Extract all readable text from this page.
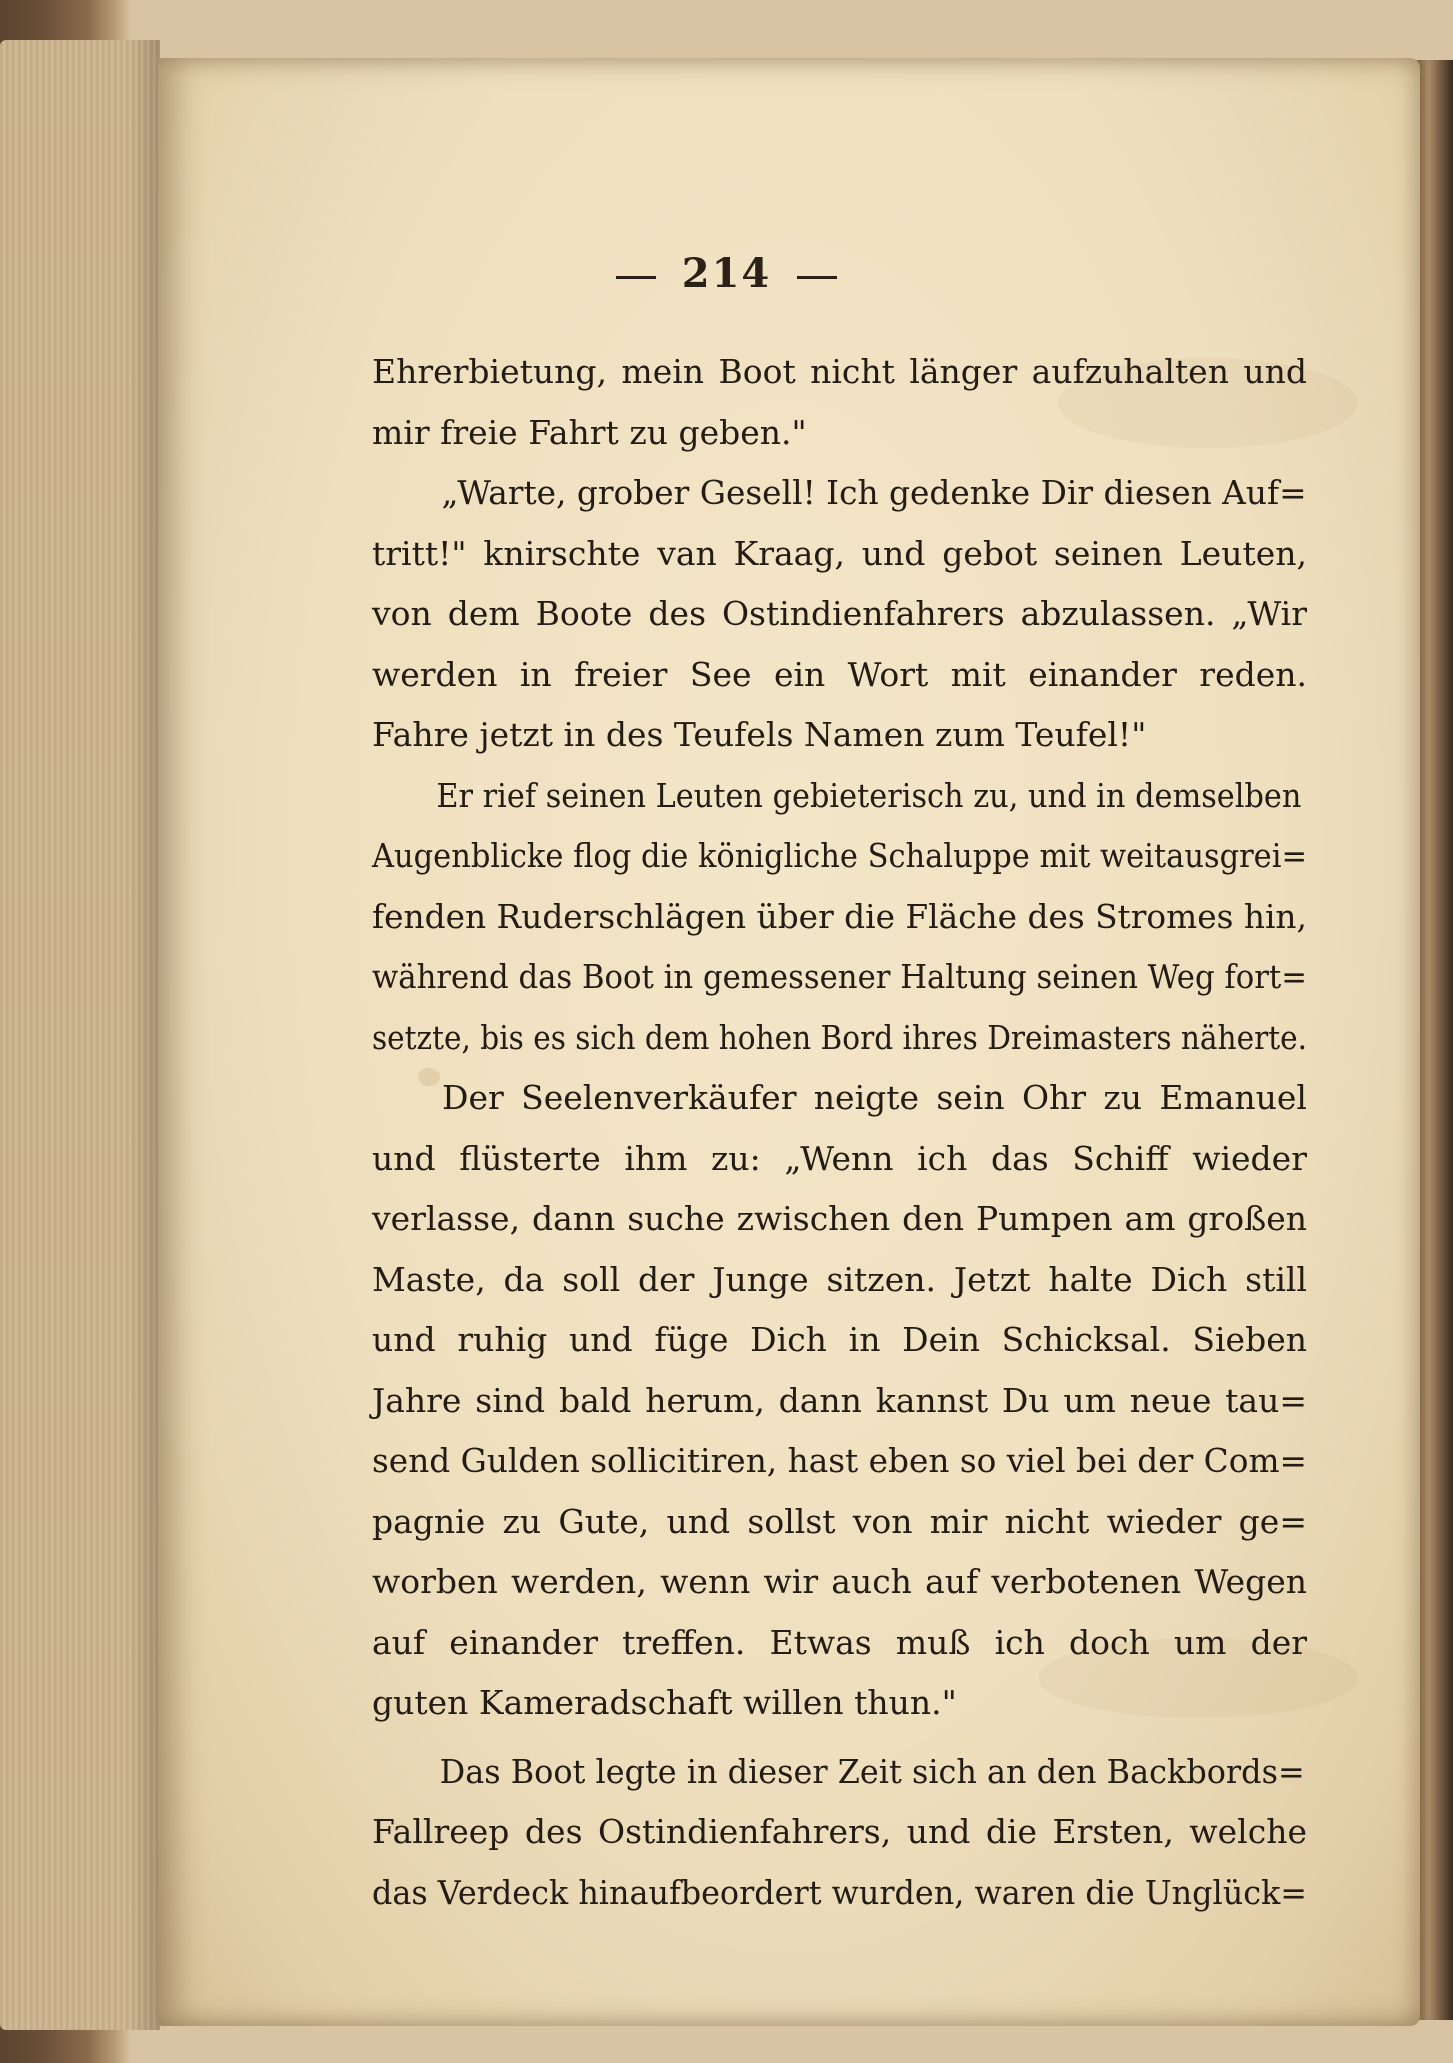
214
Ehrerbietung, mein Boot nicht länger aufzuhalten und
mir freie Fahrt zu geben."
„Warte, grober Gesell! Ich gedenke Dir diesen Auf=
tritt!" knirschte van Kraag, und gebot seinen Leuten,
von dem Boote des Ostindienfahrers abzulassen. „Wir
werden in freier See ein Wort mit einander reden.
Fahre jetzt in des Teufels Namen zum Teufel!"
Er rief seinen Leuten gebieterisch zu, und in demselben
Augenblicke flog die königliche Schaluppe mit weitausgrei=
fenden Ruderschlägen über die Fläche des Stromes hin,
während das Boot in gemessener Haltung seinen Weg fort=
setzte, bis es sich dem hohen Bord ihres Dreimasters näherte.
Der Seelenverkäufer neigte sein Ohr zu Emanuel
und flüsterte ihm zu: „Wenn ich das Schiff wieder
verlasse, dann suche zwischen den Pumpen am großen
Maste, da soll der Junge sitzen. Jetzt halte Dich still
und ruhig und füge Dich in Dein Schicksal. Sieben
Jahre sind bald herum, dann kannst Du um neue tau=
send Gulden sollicitiren, hast eben so viel bei der Com=
pagnie zu Gute, und sollst von mir nicht wieder ge=
worben werden, wenn wir auch auf verbotenen Wegen
auf einander treffen. Etwas muß ich doch um der
guten Kameradschaft willen thun."
Das Boot legte in dieser Zeit sich an den Backbords=
Fallreep des Ostindienfahrers, und die Ersten, welche
das Verdeck hinaufbeordert wurden, waren die Unglück=
